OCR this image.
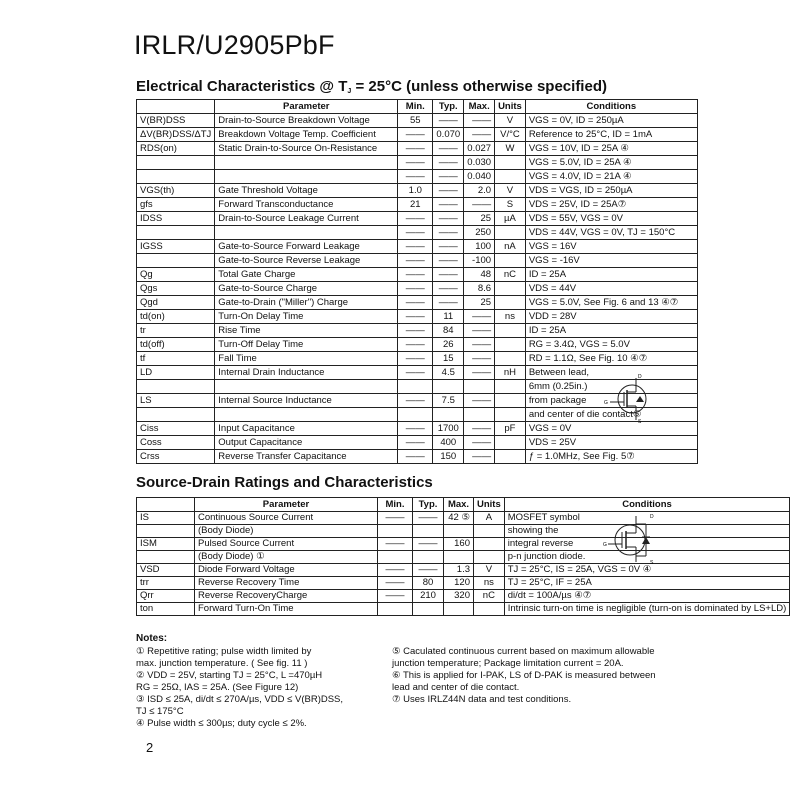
IRLR/U2905PbF
Electrical Characteristics @ $T_J = 25^\circ C$ (unless otherwise specified)
	Parameter	Min.	Typ.	Max.	Units	Conditions
V(BR)DSS	Drain-to-Source Breakdown Voltage	55	——	——	V	VGS = 0V, ID = 250µA
ΔV(BR)DSS/ΔTJ	Breakdown Voltage Temp. Coefficient	——	0.070	——	V/°C	Reference to 25°C, ID = 1mA
RDS(on)	Static Drain-to-Source On-Resistance	——	——	0.027	W	VGS = 10V, ID = 25A ④
		——	——	0.030		VGS = 5.0V, ID = 25A ④
		——	——	0.040		VGS = 4.0V, ID = 21A ④
VGS(th)	Gate Threshold Voltage	1.0	——	2.0	V	VDS = VGS, ID = 250µA
gfs	Forward Transconductance	21	——	——	S	VDS = 25V, ID = 25A⑦
IDSS	Drain-to-Source Leakage Current	——	——	25	µA	VDS = 55V, VGS = 0V
		——	——	250		VDS = 44V, VGS = 0V, TJ = 150°C
IGSS	Gate-to-Source Forward Leakage	——	——	100	nA	VGS = 16V
	Gate-to-Source Reverse Leakage	——	——	-100		VGS = -16V
Qg	Total Gate Charge	——	——	48	nC	ID = 25A
Qgs	Gate-to-Source Charge	——	——	8.6		VDS = 44V
Qgd	Gate-to-Drain ("Miller") Charge	——	——	25		VGS = 5.0V, See Fig. 6 and 13 ④⑦
td(on)	Turn-On Delay Time	——	11	——	ns	VDD = 28V
tr	Rise Time	——	84	——		ID = 25A
td(off)	Turn-Off Delay Time	——	26	——		RG = 3.4Ω, VGS = 5.0V
tf	Fall Time	——	15	——		RD = 1.1Ω, See Fig. 10 ④⑦
LD	Internal Drain Inductance	——	4.5	——	nH	Between lead,
						6mm (0.25in.)
LS	Internal Source Inductance	——	7.5	——		from package
						and center of die contact⑥
Ciss	Input Capacitance	——	1700	——	pF	VGS = 0V
Coss	Output Capacitance	——	400	——		VDS = 25V
Crss	Reverse Transfer Capacitance	——	150	——		ƒ = 1.0MHz, See Fig. 5⑦
Source-Drain Ratings and Characteristics
	Parameter	Min.	Typ.	Max.	Units	Conditions
IS	Continuous Source Current	——	——	42 ⑤	A	MOSFET symbol
	(Body Diode)					showing the
ISM	Pulsed Source Current	——	——	160		integral reverse
	(Body Diode) ①					p-n junction diode.
VSD	Diode Forward Voltage	——	——	1.3	V	TJ = 25°C, IS = 25A, VGS = 0V ④
trr	Reverse Recovery Time	——	80	120	ns	TJ = 25°C, IF = 25A
Qrr	Reverse RecoveryCharge	——	210	320	nC	di/dt = 100A/µs ④⑦
ton	Forward Turn-On Time					Intrinsic turn-on time is negligible (turn-on is dominated by LS+LD)
D
G
S
D
G
S
Notes:
① Repetitive rating; pulse width limited by
max. junction temperature. ( See fig. 11 )
② VDD = 25V, starting TJ = 25°C, L =470µH
RG = 25Ω, IAS = 25A. (See Figure 12)
③ ISD ≤ 25A, di/dt ≤ 270A/µs, VDD ≤ V(BR)DSS,
TJ ≤ 175°C
④ Pulse width ≤ 300µs; duty cycle ≤ 2%.
⑤ Caculated continuous current based on maximum allowable
junction temperature; Package limitation current = 20A.
⑥ This is applied for I-PAK, LS of D-PAK is measured between
lead and center of die contact.
⑦ Uses IRLZ44N data and test conditions.
2
